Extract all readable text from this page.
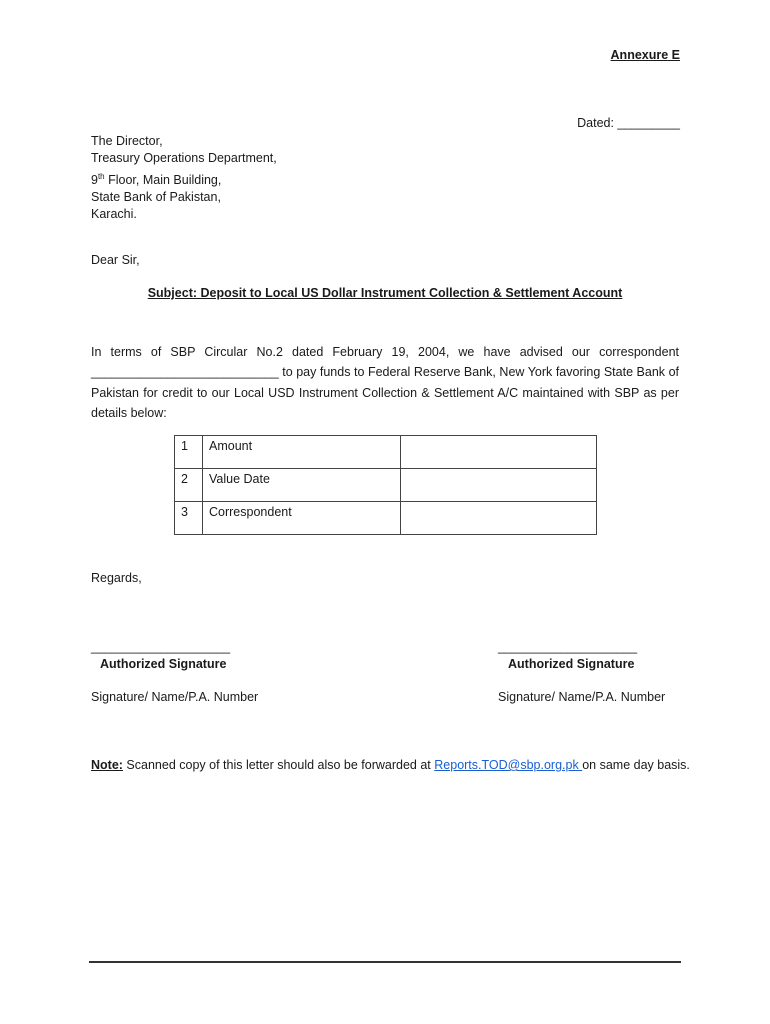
Annexure E
Dated: _________
The Director,
Treasury Operations Department,
9th Floor, Main Building,
State Bank of Pakistan,
Karachi.
Dear Sir,
Subject: Deposit to Local US Dollar Instrument Collection & Settlement Account
In terms of SBP Circular No.2 dated February 19, 2004, we have advised our correspondent ___________________________ to pay funds to Federal Reserve Bank, New York favoring State Bank of Pakistan for credit to our Local USD Instrument Collection & Settlement A/C maintained with SBP as per details below:
1	Amount	
2	Value Date	
3	Correspondent	
Regards,
____________________
Authorized Signature
Signature/ Name/P.A. Number
____________________
Authorized Signature
Signature/ Name/P.A. Number
Note: Scanned copy of this letter should also be forwarded at Reports.TOD@sbp.org.pk on same day basis.
